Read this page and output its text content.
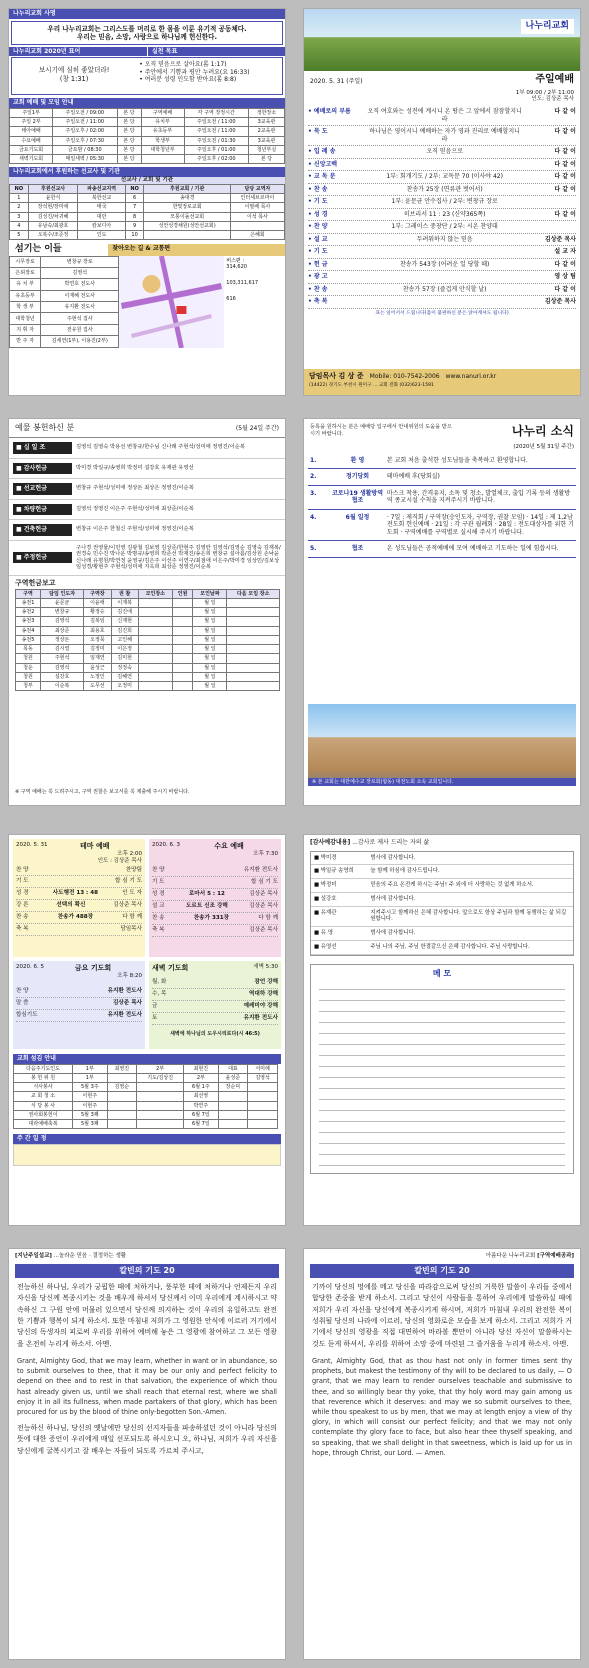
나누리교회 사명
우리 나누리교회는 그리스도를 머리로 한 몸을 이룬 유기적 공동체다.
우리는 믿음, 소망, 사랑으로 하나님께 헌신한다.
나누리교회 2020년 표어	실천 목표
보시기에 심히 좋았더라!
(창 1:31)
• 오직 믿음으로 살아요(롬 1:17)
• 주안에서 기쁨과 평안 누려요(요 16:33)
• 여러분 성령 인도함 받아요(롬 8:8)
교회 예배 및 모임 안내
주일1부	주일오전 / 09:00	본 당	구역예배	각 구역 장정시간	정한장소
주일 2부	주일오전 / 11:00	본 당	유치부	주일오전 / 11:00	3교육관
태아예배	주일오후 / 02:00	본 당	유초등부	주일오전 / 11:00	2교육관
수요예배	주일오후 / 07:30	본 당	학생부	주일오전 / 01:30	3교육관
금요기도회	금요밤 / 08:30	본 당	대학청년부	주일오후 / 01:00	청년부실
새벽기도회	매일새벽 / 05:30	본 당		주일오후 / 02:00	본 당
나누리교회에서 후원하는 선교사 및 기관
선교사 / 교회 및 기관
NO	후원선교사	파송선교지역	NO	후원교회 / 기관	담당 교역자
1	윤한식	북한선교	6	송대경	인터셰브르마이
2	장석현/장미애	태국	7	한빛장로교회	이필배 목사
3	김성진/차귀혜	대만	8	모퉁이돌선교회	이석 목사
4	유남숙/최광호	캄보디아	9	성안성경채원(성안선교회)	
5	오복수/조준정	인도	10		은혜회
섬기는 이들	찾아오는 길 & 교통편
시무장로	변창규 장로
은퇴장로	김영석
유 치 부	박연호 전도사
유초등부	이재혜 전도사
학 생 부	유지환 전도사
대학청년	주현석 집사
지 휘 자	전유원 집사
반 주 자	김세연(1부), 이용진(2부)
버스편 :
314,620
103,311,617
616
나누리교회
2020. 5. 31 (주일)	주일예배
1부 09:00 / 2부 11:00
인도: 김상준 목사
• 예배로의 부름	오직 여호와는 성전에 계시니 온 땅은 그 앞에서 잠잠할지니라
다 같 이
• 묵 도	하나님은 영이시니 예배하는 자가 영과 진리로 예배할지니라
다 같 이
• 입 례 송	오직 믿음으로	다 같 이
• 신앙고백	다 같 이
• 교 독 문	1부: 회개기도 / 2부: 교독문 70 (이사야 42)	다 같 이
• 찬 송	찬송가 25장 (면류관 벗어서)	다 같 이
• 기 도	1부: 윤문균 안수집사 / 2부: 변창규 장로
• 성 경	히브리서 11 : 23 (신약365쪽)	다 같 이
• 찬 양	1부: 그레이스 중창단 / 2부: 시온 찬양대
• 설 교	두려워하지 않는 믿음	김상준 목사
• 기 도	설 교 자
• 헌 금	찬송가 543장 (어려운 일 당할 때)	다 같 이
• 광 고	영 상 팀
• 찬 송	찬송가 57장 (즐겁게 안식할 날)	다 같 이
• 축 복	김상준 목사
표는 일어서서 드립니다(몸이 불편하신 분은 앉아계셔도 됩니다)
담임목사 김 상 준 Mobile: 010-7542-2006 www.nanuri.or.kr
(14422) 경기도 부천시 원미구 ... 교회 전화 (032)623-1591
예물 봉헌하신 분	(5월 24일 주간)
■ 십 일 조	김영석 김영숙 박용선 변창규/한수님 신나래 주현석/성미애 정영진/이순복
■ 감사헌금	박미경 박일규/송영희 박정미 설강호 유재관 유영선
■ 선교헌금	변창규 주현석/성미애 정상돈 최상은 정영진/이순복
■ 차량헌금	김영석 정영진 이은주 주현석/성미애 최상준/이순복
■ 건축헌금	변창규 이은주 한철신 주현석/성미애 정영진/이순복
■ 주정헌금
구나경 권영물/이민영 김광철 김보영 김상준/한현주 김영란 김영석/김영순 김영숙 김재복/권경숙 민수진 박나운 박명규/송영희 박준선 박재진/송은희 변창규 설아름/김상원 손낙윤 신나래 유평원/박연정 윤영규/김은주 이선주 이연구/최점애 이은주/박미경 임상민/김보상 임성경/황현주 주현석/성미애 지옥희 최상준 정영진/이순복
구역헌금보고
구역	담임 인도자	구역장	권 찰	모인장소	인원	모인날짜	다음 모임 장소
송천1	윤문균	이윤애	이재복			월 일	
송천2	변창규	황정승	김진애			월 일	
송천3	김영석	김복임	신재현			월 일	
송천4	최상준	최용호	김진희			월 일	
송천5	정상돈	오정묵	고인혜			월 일	
목동	김시열	김정미	이은정			월 일	
청원	주현석	임재연	김미현			월 일	
청운	김영석	윤성근	정정숙			월 일	
청원	설강호	노정인	김혜연			월 일	
청부	이순복	도무선	오정미			월 일	
※ 구역 예배는 꼭 드려주시고, 구역 권찰은 보고서를 꼭 제출해 주시기 바랍니다.
등록을 원하시는 분은 예배당 입구에서 안내위원의 도움을 받으시기 바랍니다.	나누리 소식
(2020년 5월 31일 주간)
1.	환 영	본 교회 처음 출석한 성도님들을 축복하고 환영합니다.
2.	정기당회	테마예배 후(당회실)
3.	코로나19 생활방역 협조
마스크 착용, 간격유지, 소독 및 청소, 발열체크, 출입 기록 등의 생활방역 종교시설 수칙을 지켜주시기 바랍니다.
4.	6월 일정	· 7일 : 제직회 / 구역장(승인도자, 구역장, 권찰 모임) · 14일 : 제 1,2남전도회 헌신예배 · 21일 : 각 구관 월례회 · 28일 : 전도대상자를 위한 기도회 · 구역예배를 구역별로 실시해 주시기 바랍니다.
5.	협조	온 성도님들은 공적예배에 모여 예배하고 기도하는 일에 힘씁시다.
※ 본 교회는 대한예수교 장로회(합동) 대전노회 소속 교회입니다.
2020. 5. 31	테마 예배
오후 2:00
인도 : 김상준 목사
찬 양	찬양팀
기 도	합 심 기 도
성 경	사도행전 13 : 48	인 도 자
강 론	선택의 확신	김상준 목사
찬 송	찬송가 488장	다 함 께
축 복	담임목사
2020. 6. 3	수요 예배
오후 7:30
찬 양	유지환 전도사
기 도	합 심 기 도
성 경	로마서 5 : 12	김상준 목사
설 교	도르트 신조 강해	김상준 목사
찬 송	찬송가 331장	다 함 께
축 복	김상준 목사
2020. 6. 5	금요 기도회
오후 8:20
찬 양	유지환 전도사
말 씀	김상준 목사
합심기도	유지환 전도사
새벽 기도회	새벽 5:30
월, 화	잠언 강해
수, 목	역대하 강해
금	예레미야 강해
토	유지환 전도사
새벽에 하나님의 도우시리로다(시 46:5)
교회 섬김 안내
다음주기도인도	1부	최영진	2부	최현진	대표	서미례
봉 헌 위 원	1부		기도/김상진	2부	윤성준	김영석
식사봉사	5월 3주	김영순		6월 1주	장순덕	
교 회 청 소	이현주			최선영		
식 당 봉 사	이현주			박연주		
권사회봉헌이	5월 3째			6월 7일		
대라예배축복	5월 3째			6월 7일		
주 간 일 정
[감사예감내용] ...감사로 제사 드리는 자의 삶
■ 박미경	범사에 감사합니다.
■ 박일규 송영희	늘 함께 하심에 감사드립니다.
■ 박정미	믿음의 주요 온전케 하시는 주님! 주 외에 더 사랑하는 것 없게 하소서.
■ 설강호	범사에 감사합니다.
■ 유재관	지켜주시고 함께하신 은혜 감사합니다. 앞으로도 항상 주님과 함께 동행하는 삶 되길 원합니다.
■ 유 영	범사에 감사합니다.
■ 유영선	주님 나의 주님, 주님 한결같으신 은혜 감사합니다. 주님 사랑합니다.
메 모
[지난주일설교]
...놀라운 믿음 · 결정하는 생활
칼빈의 기도 20
전능하신 하나님, 우리가 궁핍한 때에 처하거나, 풍부한 데에 처하거나 언제든지 우리 자신을 당신께 복종시키는 것을 배우게 하셔서 당신께서 이미 우리에게 계시하시고 약속하신 그 구원 안에 머물러 있으면서 당신께 의지하는 것이 우리의 유일하고도 완전한 기쁨과 행복이 되게 하소서. 또한 마침내 저희가 그 영원한 안식에 이르러 거기에서 당신의 독생자의 피로써 우리를 위하여 예비해 놓은 그 영광에 참여하고 그 모든 영광을 온전히 누리게 하소서. 아멘.
Grant, Almighty God, that we may learn, whether in want or in abundance, so to submit ourselves to thee, that it may be our only and perfect felicity to depend on thee and to rest in that salvation, the experience of which thou hast already given us, until we shall reach that eternal rest, where we shall enjoy it in all its fullness, when made partakers of that glory, which has been procured for us by the blood of thine only-begotten Son.-Amen.
전능하신 하나님, 당신의 옛날에만 당신의 선지자들을 파송하셨던 것이 아니라 당신의 뜻에 대한 증언이 우리에게 매일 선포되도록 하시오니 오, 하나님, 저희가 우리 자신을 당신에게 굴복시키고 잘 배우는 자들이 되도록 가르쳐 주시고,
아름다운 나누리교회
[구역예배공과]
칼빈의 기도 20
기까이 당신의 멍에를 메고 당신을 따라감으로써 당신의 거룩한 말씀이 우리들 중에서 합당한 존중을 받게 하소서. 그리고 당신이 사람들을 통하여 우리에게 말씀하실 때에 저희가 우리 자신을 당신에게 복종시키게 하시며, 저희가 마침내 우리의 완전한 복이 성취될 당신의 나라에 이르러, 당신의 영화로운 모습을 보게 하소서. 그리고 저희가 거기에서 당신의 영광을 직접 대면하여 바라볼 뿐만이 아니라 당신 자신이 말씀하시는 것도 듣게 하셔서, 우리를 위하여 소망 중에 마련된 그 즐거움을 누리게 하소서. 아멘.
Grant, Almighty God, that as thou hast not only in former times sent thy prophets, but makest the testimony of thy will to be declared to us daily, — O grant, that we may learn to render ourselves teachable and submissive to thee, and so willingly bear thy yoke, that thy holy word may gain among us that reverence which it deserves: and may we so submit ourselves to thee, while thou speakest to us by men, that we may at length enjoy a view of thy glory, in which will consist our perfect felicity; and that we may not only contemplate thy glory face to face, but also hear thee thyself speaking, and so speaking, that we shall delight in that sweetness, which is laid up for us in hope, through Christ, our Lord. — Amen.
